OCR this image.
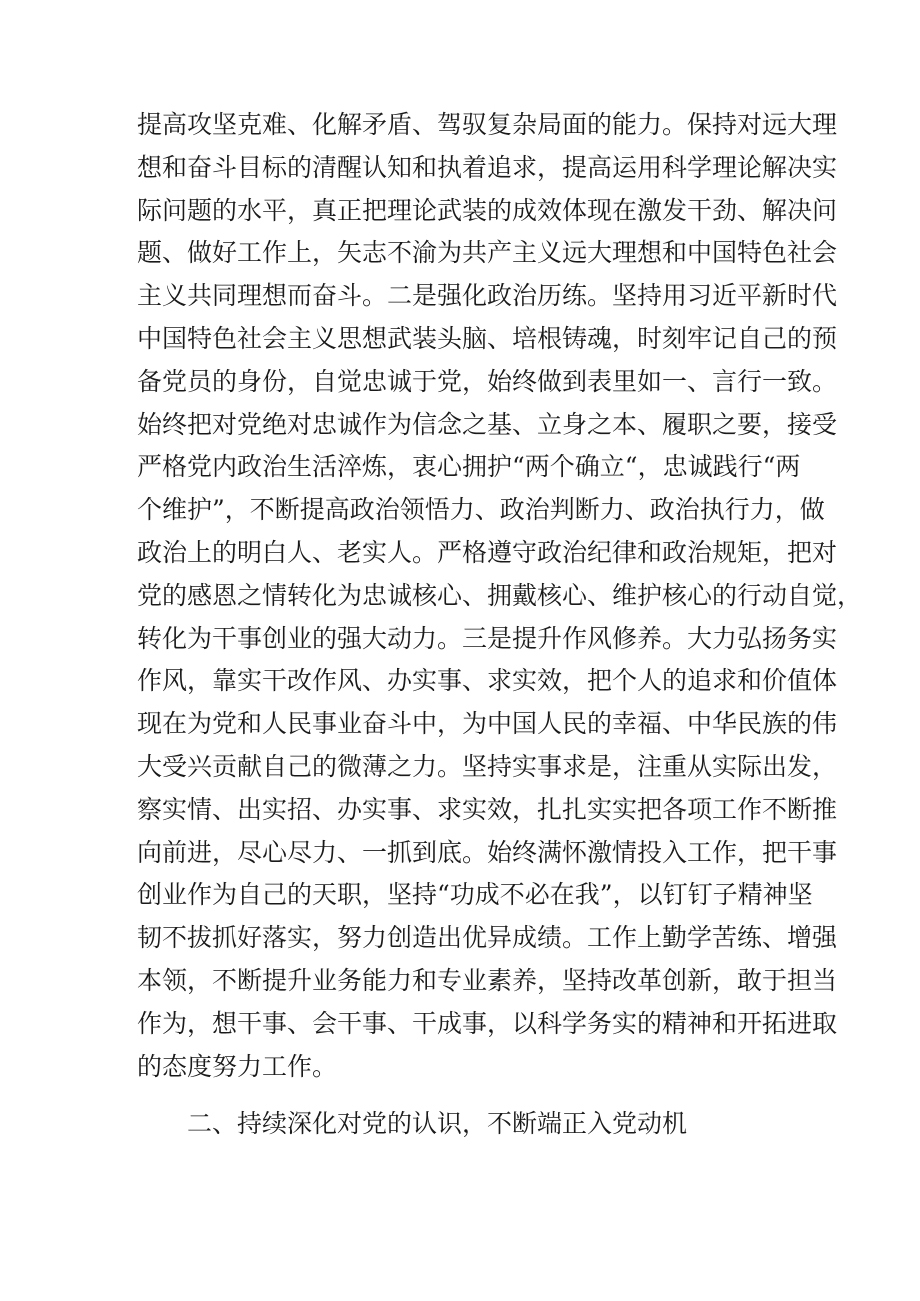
提高攻坚克难、化解矛盾、驾驭复杂局面的能力。保持对远大理
想和奋斗目标的清醒认知和执着追求，提高运用科学理论解决实
际问题的水平，真正把理论武装的成效体现在激发干劲、解决问
题、做好工作上，矢志不渝为共产主义远大理想和中国特色社会
主义共同理想而奋斗。二是强化政治历练。坚持用习近平新时代
中国特色社会主义思想武装头脑、培根铸魂，时刻牢记自己的预
备党员的身份，自觉忠诚于党，始终做到表里如一、言行一致。
始终把对党绝对忠诚作为信念之基、立身之本、履职之要，接受
严格党内政治生活淬炼，衷心拥护“两个确立“，忠诚践行“两
个维护”，不断提高政治领悟力、政治判断力、政治执行力，做
政治上的明白人、老实人。严格遵守政治纪律和政治规矩，把对
党的感恩之情转化为忠诚核心、拥戴核心、维护核心的行动自觉，
转化为干事创业的强大动力。三是提升作风修养。大力弘扬务实
作风，靠实干改作风、办实事、求实效，把个人的追求和价值体
现在为党和人民事业奋斗中，为中国人民的幸福、中华民族的伟
大受兴贡献自己的微薄之力。坚持实事求是，注重从实际出发，
察实情、出实招、办实事、求实效，扎扎实实把各项工作不断推
向前进，尽心尽力、一抓到底。始终满怀激情投入工作，把干事
创业作为自己的天职，坚持“功成不必在我”，以钉钉子精神坚
韧不拔抓好落实，努力创造出优异成绩。工作上勤学苦练、增强
本领，不断提升业务能力和专业素养，坚持改革创新，敢于担当
作为，想干事、会干事、干成事，以科学务实的精神和开拓进取
的态度努力工作。
二、持续深化对党的认识，不断端正入党动机
